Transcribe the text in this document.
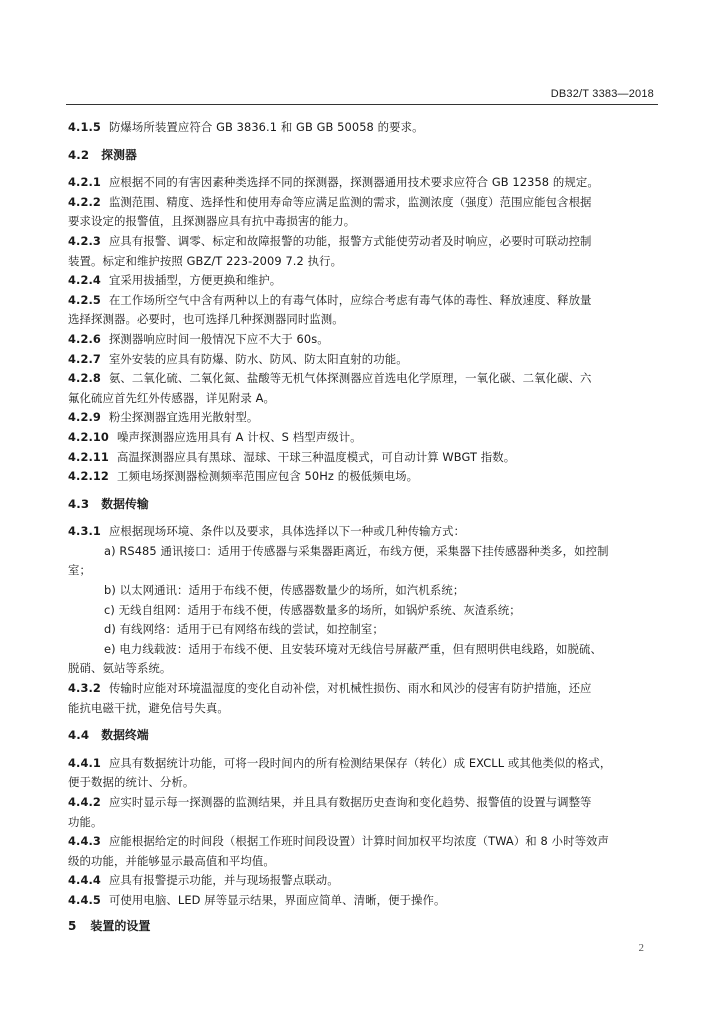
DB32/T 3383—2018
4.1.5 防爆场所装置应符合 GB 3836.1 和 GB GB 50058 的要求。
4.2 探测器
4.2.1 应根据不同的有害因素种类选择不同的探测器，探测器通用技术要求应符合 GB 12358 的规定。
4.2.2 监测范围、精度、选择性和使用寿命等应满足监测的需求，监测浓度（强度）范围应能包含根据
要求设定的报警值，且探测器应具有抗中毒损害的能力。
4.2.3 应具有报警、调零、标定和故障报警的功能，报警方式能使劳动者及时响应，必要时可联动控制
装置。标定和维护按照 GBZ/T 223-2009 7.2 执行。
4.2.4 宜采用拔插型，方便更换和维护。
4.2.5 在工作场所空气中含有两种以上的有毒气体时，应综合考虑有毒气体的毒性、释放速度、释放量
选择探测器。必要时，也可选择几种探测器同时监测。
4.2.6 探测器响应时间一般情况下应不大于 60s。
4.2.7 室外安装的应具有防爆、防水、防风、防太阳直射的功能。
4.2.8 氨、二氧化硫、二氧化氮、盐酸等无机气体探测器应首选电化学原理，一氧化碳、二氧化碳、六
氟化硫应首先红外传感器，详见附录 A。
4.2.9 粉尘探测器宜选用光散射型。
4.2.10 噪声探测器应选用具有 A 计权、S 档型声级计。
4.2.11 高温探测器应具有黑球、湿球、干球三种温度模式，可自动计算 WBGT 指数。
4.2.12 工频电场探测器检测频率范围应包含 50Hz 的极低频电场。
4.3 数据传输
4.3.1 应根据现场环境、条件以及要求，具体选择以下一种或几种传输方式：
a) RS485 通讯接口：适用于传感器与采集器距离近，布线方便，采集器下挂传感器种类多，如控制
室；
b) 以太网通讯：适用于布线不便，传感器数量少的场所，如汽机系统；
c) 无线自组网：适用于布线不便，传感器数量多的场所，如锅炉系统、灰渣系统；
d) 有线网络：适用于已有网络布线的尝试，如控制室；
e) 电力线载波：适用于布线不便、且安装环境对无线信号屏蔽严重，但有照明供电线路，如脱硫、
脱硝、氨站等系统。
4.3.2 传输时应能对环境温湿度的变化自动补偿，对机械性损伤、雨水和风沙的侵害有防护措施，还应
能抗电磁干扰，避免信号失真。
4.4 数据终端
4.4.1 应具有数据统计功能，可将一段时间内的所有检测结果保存（转化）成 EXCLL 或其他类似的格式，
便于数据的统计、分析。
4.4.2 应实时显示每一探测器的监测结果，并且具有数据历史查询和变化趋势、报警值的设置与调整等
功能。
4.4.3 应能根据给定的时间段（根据工作班时间段设置）计算时间加权平均浓度（TWA）和 8 小时等效声
级的功能，并能够显示最高值和平均值。
4.4.4 应具有报警提示功能，并与现场报警点联动。
4.4.5 可使用电脑、LED 屏等显示结果，界面应简单、清晰，便于操作。
5 装置的设置
2
